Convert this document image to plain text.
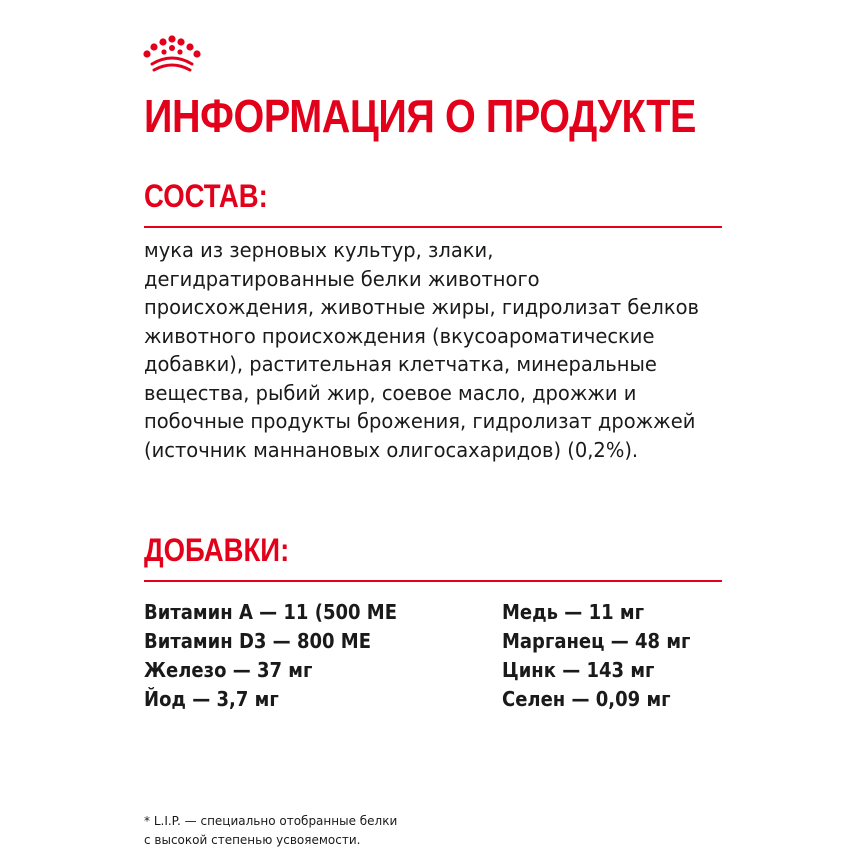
ИНФОРМАЦИЯ О ПРОДУКТЕ
СОСТАВ:

мука из зерновых культур, злаки, дегидратированные белки животного происхождения, животные жиры, гидролизат белков животного происхождения (вкусоароматические добавки), растительная клетчатка, минеральные вещества, рыбий жир, соевое масло, дрожжи и побочные продукты брожения, гидролизат дрожжей (источник маннановых олигосахаридов) (0,2%).

ДОБАВКИ:
Витамин А — 11 (500 МЕ
Витамин D3 — 800 МЕ
Железо — 37 мг
Йод — 3,7 мг
Медь — 11 мг
Марганец — 48 мг
Цинк — 143 мг
Селен — 0,09 мг

* L.I.P. — специально отобранные белки
с высокой степенью усвояемости.
